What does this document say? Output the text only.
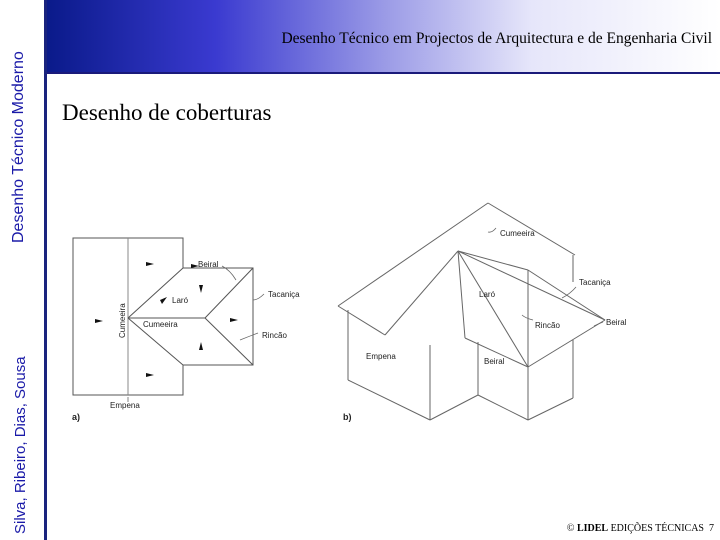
Desenho Técnico Moderno
Silva, Ribeiro, Dias, Sousa
Desenho Técnico em Projectos de Arquitectura e de Engenharia Civil
Desenho de coberturas
Beiral
Tacaniça
Laró
Cumeeira Cumeeira
Rincão
Empena
a)
Cumeeira
Tacaniça
Laró
Rincão	Beiral
Empena
Beiral
b)
© LIDEL EDIÇÕES TÉCNICAS 7
